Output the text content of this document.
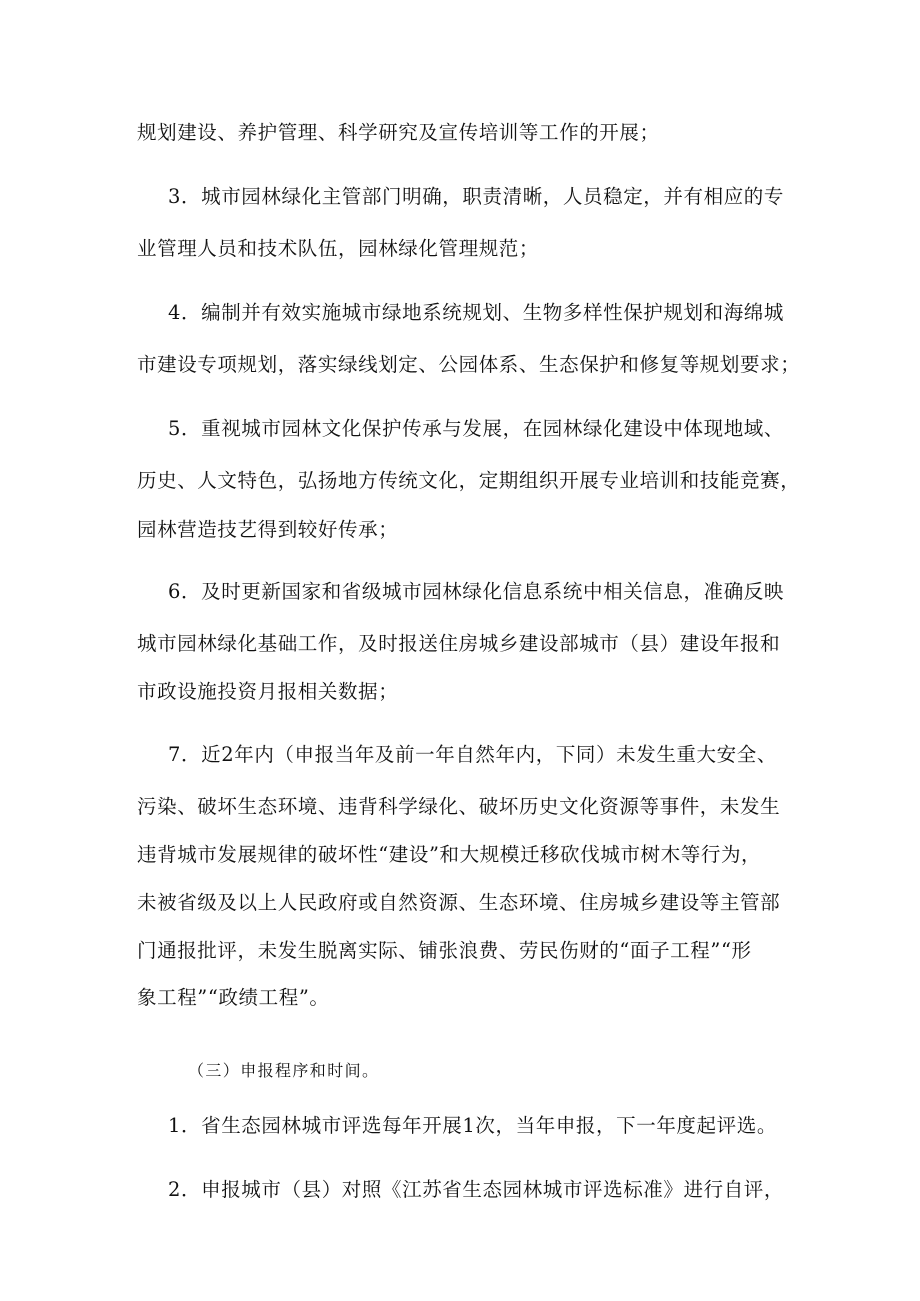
规划建设、养护管理、科学研究及宣传培训等工作的开展；
3．城市园林绿化主管部门明确，职责清晰，人员稳定，并有相应的专
业管理人员和技术队伍，园林绿化管理规范；
4．编制并有效实施城市绿地系统规划、生物多样性保护规划和海绵城
市建设专项规划，落实绿线划定、公园体系、生态保护和修复等规划要求；
5．重视城市园林文化保护传承与发展，在园林绿化建设中体现地域、
历史、人文特色，弘扬地方传统文化，定期组织开展专业培训和技能竞赛，
园林营造技艺得到较好传承；
6．及时更新国家和省级城市园林绿化信息系统中相关信息，准确反映
城市园林绿化基础工作，及时报送住房城乡建设部城市（县）建设年报和
市政设施投资月报相关数据；
7．近2年内（申报当年及前一年自然年内，下同）未发生重大安全、
污染、破坏生态环境、违背科学绿化、破坏历史文化资源等事件，未发生
违背城市发展规律的破坏性“建设”和大规模迁移砍伐城市树木等行为，
未被省级及以上人民政府或自然资源、生态环境、住房城乡建设等主管部
门通报批评，未发生脱离实际、铺张浪费、劳民伤财的“面子工程”“形
象工程”“政绩工程”。
（三）申报程序和时间。
1．省生态园林城市评选每年开展1次，当年申报，下一年度起评选。
2．申报城市（县）对照《江苏省生态园林城市评选标准》进行自评，
